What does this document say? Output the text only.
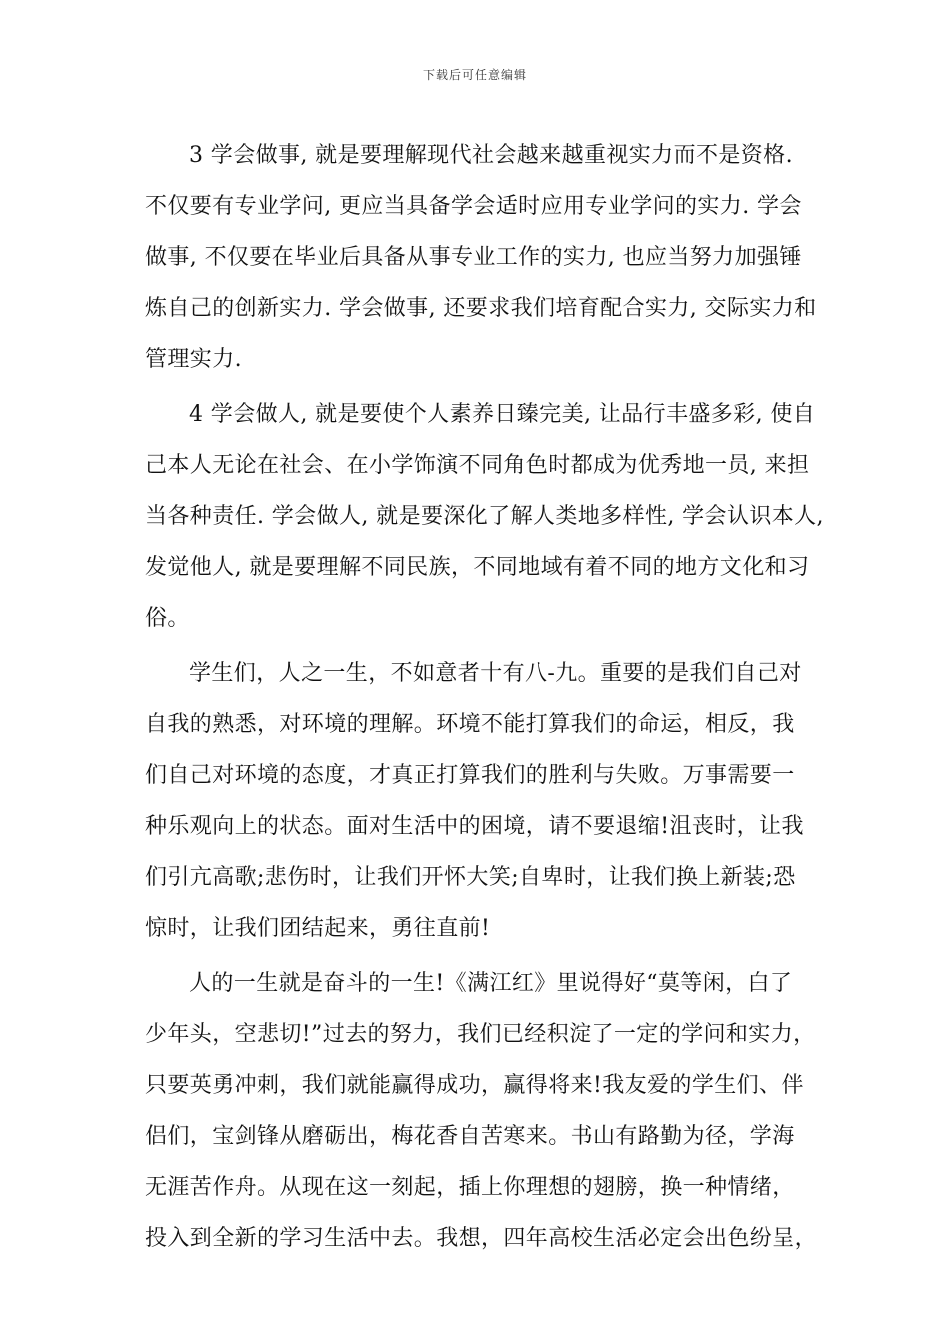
下载后可任意编辑
3 学会做事, 就是要理解现代社会越来越重视实力而不是资格.
不仅要有专业学问, 更应当具备学会适时应用专业学问的实力. 学会
做事, 不仅要在毕业后具备从事专业工作的实力, 也应当努力加强锤
炼自己的创新实力. 学会做事, 还要求我们培育配合实力, 交际实力和
管理实力.
4 学会做人, 就是要使个人素养日臻完美, 让品行丰盛多彩, 使自
己本人无论在社会、在小学饰演不同角色时都成为优秀地一员, 来担
当各种责任. 学会做人, 就是要深化了解人类地多样性, 学会认识本人,
发觉他人, 就是要理解不同民族，不同地域有着不同的地方文化和习
俗。
学生们，人之一生，不如意者十有八-九。重要的是我们自己对
自我的熟悉，对环境的理解。环境不能打算我们的命运，相反，我
们自己对环境的态度，才真正打算我们的胜利与失败。万事需要一
种乐观向上的状态。面对生活中的困境，请不要退缩!沮丧时，让我
们引亢高歌;悲伤时，让我们开怀大笑;自卑时，让我们换上新装;恐
惊时，让我们团结起来，勇往直前!
人的一生就是奋斗的一生!《满江红》里说得好“莫等闲，白了
少年头，空悲切!”过去的努力，我们已经积淀了一定的学问和实力，
只要英勇冲刺，我们就能赢得成功，赢得将来!我友爱的学生们、伴
侣们，宝剑锋从磨砺出，梅花香自苦寒来。书山有路勤为径，学海
无涯苦作舟。从现在这一刻起，插上你理想的翅膀，换一种情绪，
投入到全新的学习生活中去。我想，四年高校生活必定会出色纷呈，
